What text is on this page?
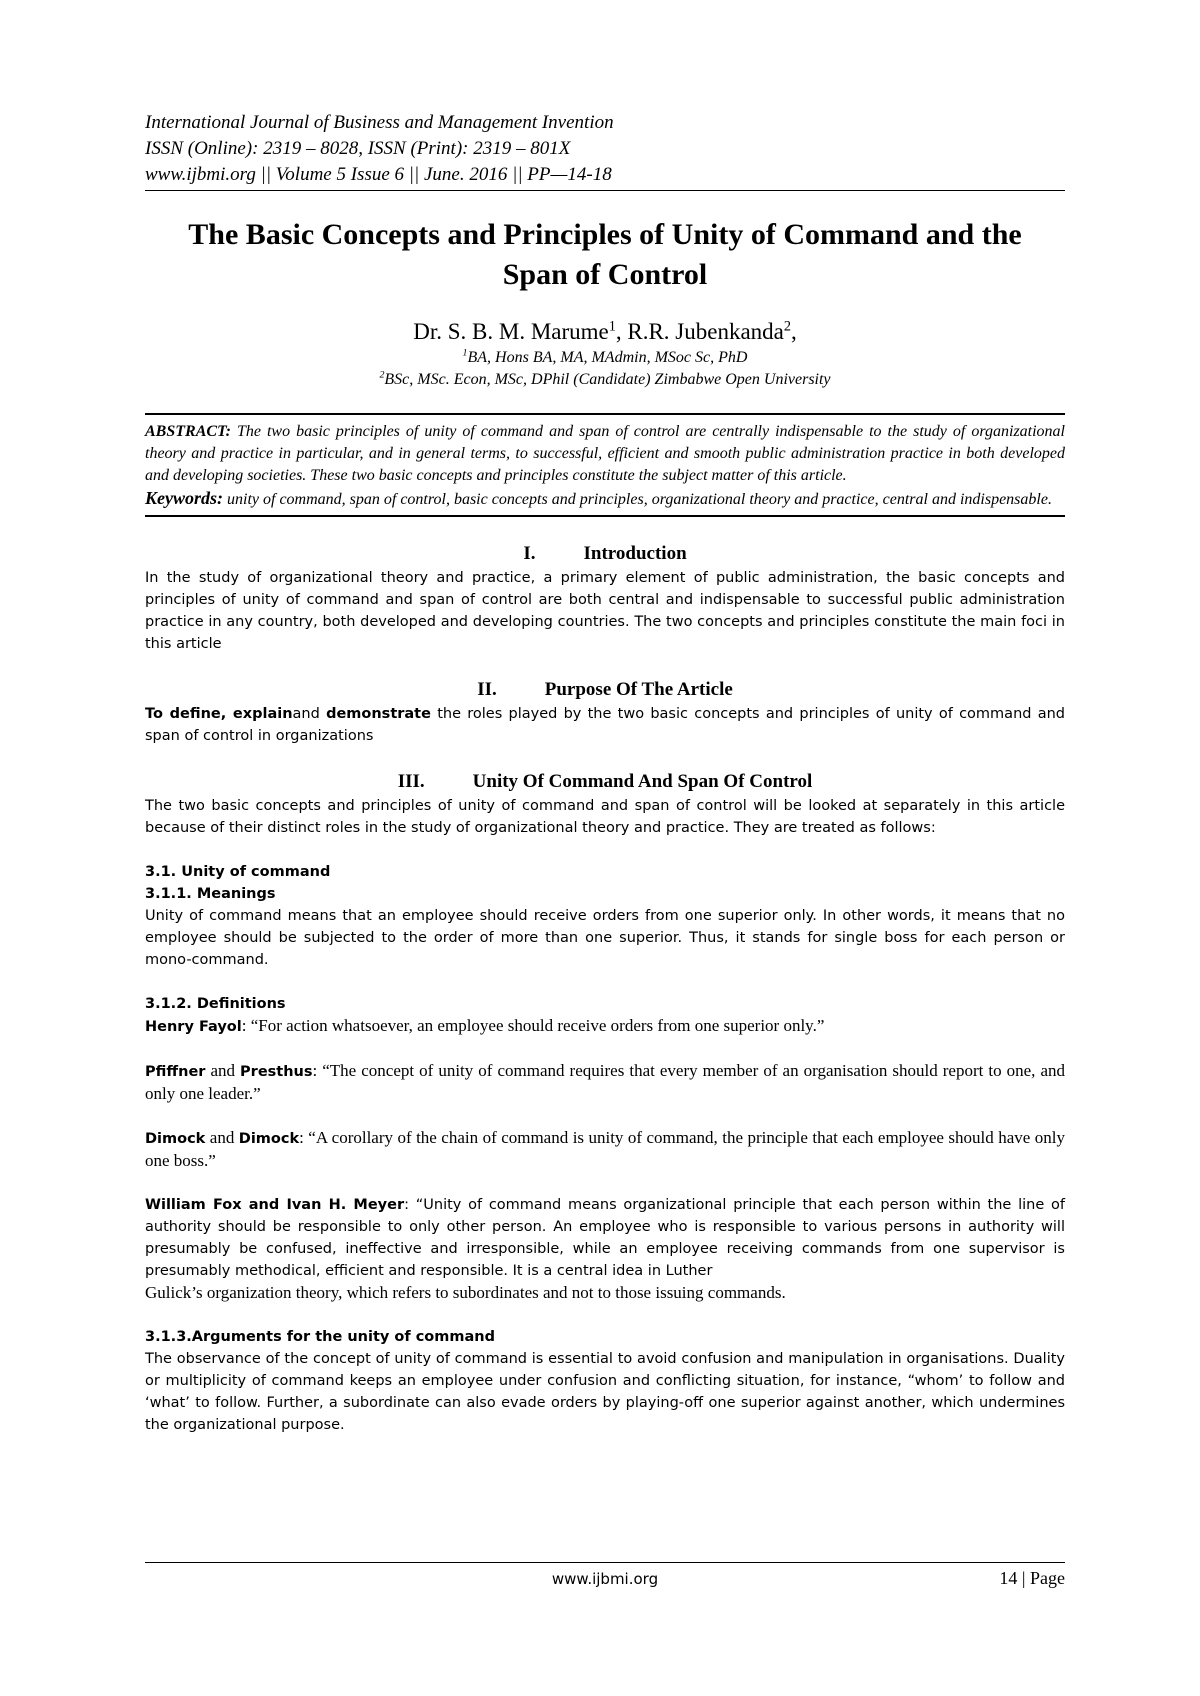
International Journal of Business and Management Invention
ISSN (Online): 2319 – 8028, ISSN (Print): 2319 – 801X
www.ijbmi.org || Volume 5 Issue 6 || June. 2016 || PP—14-18
The Basic Concepts and Principles of Unity of Command and the
Span of Control
Dr. S. B. M. Marume$^1$, R.R. Jubenkanda$^2$,
$^1$BA, Hons BA, MA, MAdmin, MSoc Sc, PhD
$^2$BSc, MSc. Econ, MSc, DPhil (Candidate) Zimbabwe Open University

ABSTRACT: The two basic principles of unity of command and span of control are centrally indispensable to the study of organizational theory and practice in particular, and in general terms, to successful, efficient and smooth public administration practice in both developed and developing societies. These two basic concepts and principles constitute the subject matter of this article.

Keywords: unity of command, span of control, basic concepts and principles, organizational theory and practice, central and indispensable.

I.	Introduction

In the study of organizational theory and practice, a primary element of public administration, the basic concepts and principles of unity of command and span of control are both central and indispensable to successful public administration practice in any country, both developed and developing countries. The two concepts and principles constitute the main foci in this article

II.	Purpose Of The Article

To define, explainand demonstrate the roles played by the two basic concepts and principles of unity of command and span of control in organizations

III.	Unity Of Command And Span Of Control

The two basic concepts and principles of unity of command and span of control will be looked at separately in this article because of their distinct roles in the study of organizational theory and practice. They are treated as follows:

3.1. Unity of command

3.1.1. Meanings

Unity of command means that an employee should receive orders from one superior only. In other words, it means that no employee should be subjected to the order of more than one superior. Thus, it stands for single boss for each person or mono-command.

3.1.2. Definitions

Henry Fayol: “For action whatsoever, an employee should receive orders from one superior only.”

Pfiffner and Presthus: “The concept of unity of command requires that every member of an organisation should report to one, and only one leader.”

Dimock and Dimock: “A corollary of the chain of command is unity of command, the principle that each employee should have only one boss.”

William Fox and Ivan H. Meyer: “Unity of command means organizational principle that each person within the line of authority should be responsible to only other person. An employee who is responsible to various persons in authority will presumably be confused, ineffective and irresponsible, while an employee receiving commands from one supervisor is presumably methodical, efficient and responsible. It is a central idea in Luther

Gulick’s organization theory, which refers to subordinates and not to those issuing commands.

3.1.3.Arguments for the unity of command

The observance of the concept of unity of command is essential to avoid confusion and manipulation in organisations. Duality or multiplicity of command keeps an employee under confusion and conflicting situation, for instance, “whom’ to follow and ‘what’ to follow. Further, a subordinate can also evade orders by playing-off one superior against another, which undermines the organizational purpose.

www.ijbmi.org	14 | Page
